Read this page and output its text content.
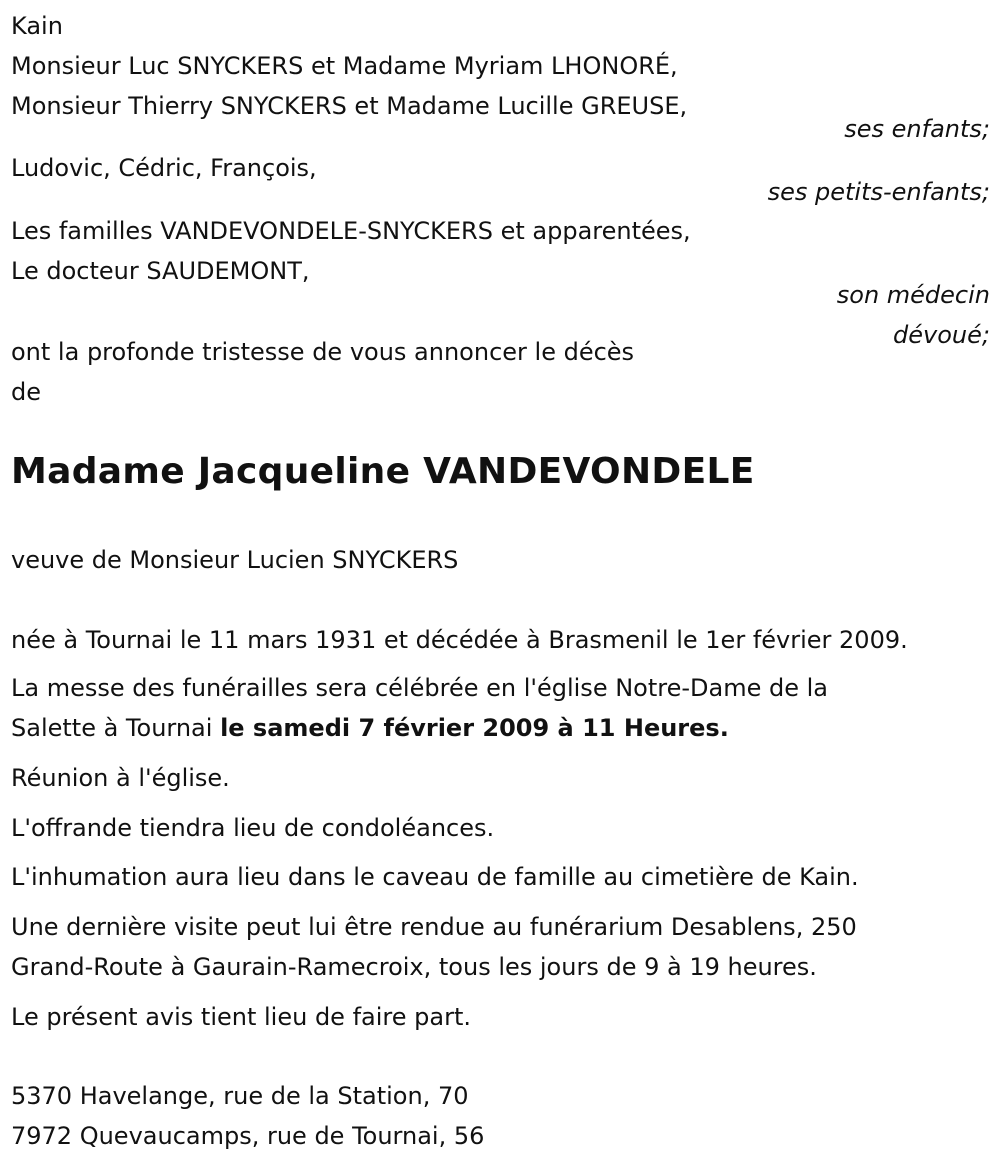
Kain
Monsieur Luc SNYCKERS et Madame Myriam LHONORÉ,
Monsieur Thierry SNYCKERS et Madame Lucille GREUSE,
ses enfants;
Ludovic, Cédric, François,
ses petits-enfants;
Les familles VANDEVONDELE-SNYCKERS et apparentées,
Le docteur SAUDEMONT,
son médecin
dévoué;
ont la profonde tristesse de vous annoncer le décès
de
Madame Jacqueline VANDEVONDELE
veuve de Monsieur Lucien SNYCKERS
née à Tournai le 11 mars 1931 et décédée à Brasmenil le 1er février 2009.
La messe des funérailles sera célébrée en l'église Notre-Dame de la
Salette à Tournai le samedi 7 février 2009 à 11 Heures.
Réunion à l'église.
L'offrande tiendra lieu de condoléances.
L'inhumation aura lieu dans le caveau de famille au cimetière de Kain.
Une dernière visite peut lui être rendue au funérarium Desablens, 250
Grand-Route à Gaurain-Ramecroix, tous les jours de 9 à 19 heures.
Le présent avis tient lieu de faire part.
5370 Havelange, rue de la Station, 70
7972 Quevaucamps, rue de Tournai, 56
